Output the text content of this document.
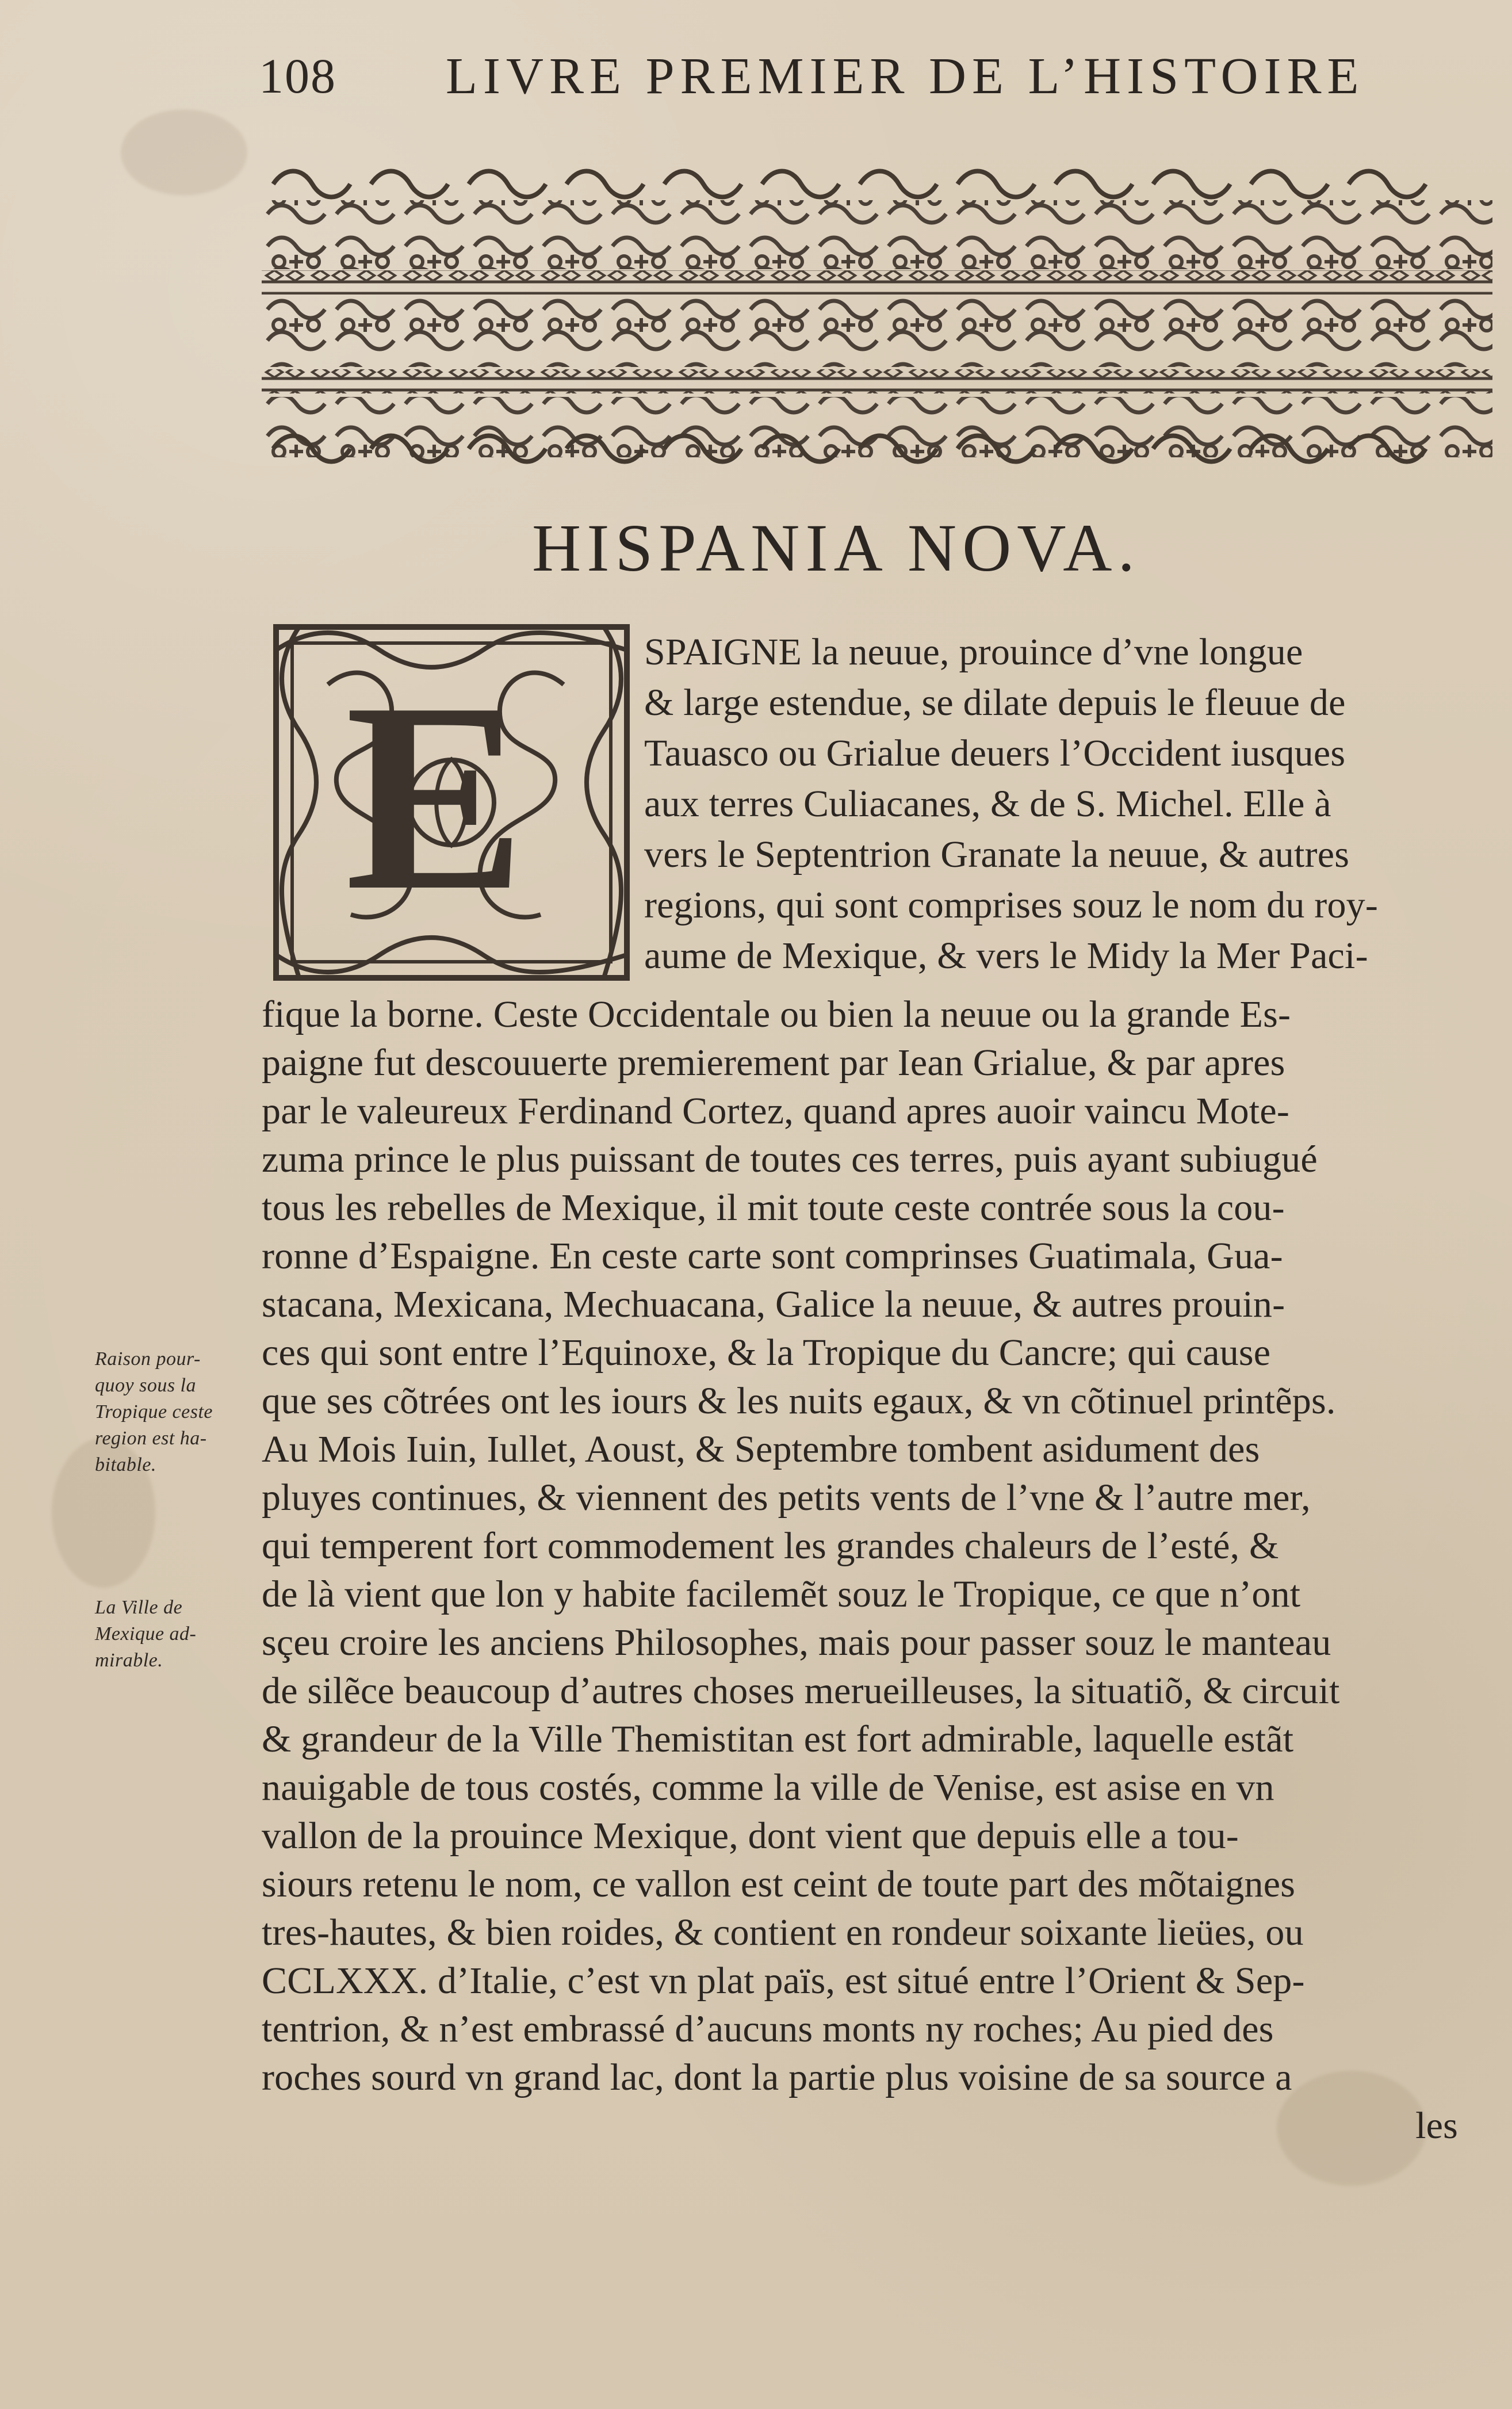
108 LIVRE PREMIER DE L’HISTOIRE
HISPANIA NOVA.
E	SPAIGNE la neuue, prouince d’vne longue
& large estendue, se dilate depuis le fleuue de
Tauasco ou Grialue deuers l’Occident iusques
aux terres Culiacanes, & de S. Michel. Elle à
vers le Septentrion Granate la neuue, & autres
regions, qui sont comprises souz le nom du roy-
aume de Mexique, & vers le Midy la Mer Paci-
fique la borne. Ceste Occidentale ou bien la neuue ou la grande Es-
paigne fut descouuerte premierement par Iean Grialue, & par apres
par le valeureux Ferdinand Cortez, quand apres auoir vaincu Mote-
zuma prince le plus puissant de toutes ces terres, puis ayant subiugué
tous les rebelles de Mexique, il mit toute ceste contrée sous la cou-
ronne d’Espaigne. En ceste carte sont comprinses Guatimala, Gua-
stacana, Mexicana, Mechuacana, Galice la neuue, & autres prouin-
ces qui sont entre l’Equinoxe, & la Tropique du Cancre; qui cause
que ses cõtrées ont les iours & les nuits egaux, & vn cõtinuel printẽps.
Au Mois Iuin, Iullet, Aoust, & Septembre tombent asidument des
pluyes continues, & viennent des petits vents de l’vne & l’autre mer,
qui temperent fort commodement les grandes chaleurs de l’esté, &
de là vient que lon y habite facilemẽt souz le Tropique, ce que n’ont
sçeu croire les anciens Philosophes, mais pour passer souz le manteau
de silẽce beaucoup d’autres choses merueilleuses, la situatiõ, & circuit
& grandeur de la Ville Themistitan est fort admirable, laquelle estãt
nauigable de tous costés, comme la ville de Venise, est asise en vn
vallon de la prouince Mexique, dont vient que depuis elle a tou-
siours retenu le nom, ce vallon est ceint de toute part des mõtaignes
tres-hautes, & bien roides, & contient en rondeur soixante lieües, ou
CCLXXX. d’Italie, c’est vn plat païs, est situé entre l’Orient & Sep-
tentrion, & n’est embrassé d’aucuns monts ny roches; Au pied des
roches sourd vn grand lac, dont la partie plus voisine de sa source a
les
Raison pour-
quoy sous la
Tropique ceste
region est ha-
bitable.
La Ville de
Mexique ad-
mirable.
